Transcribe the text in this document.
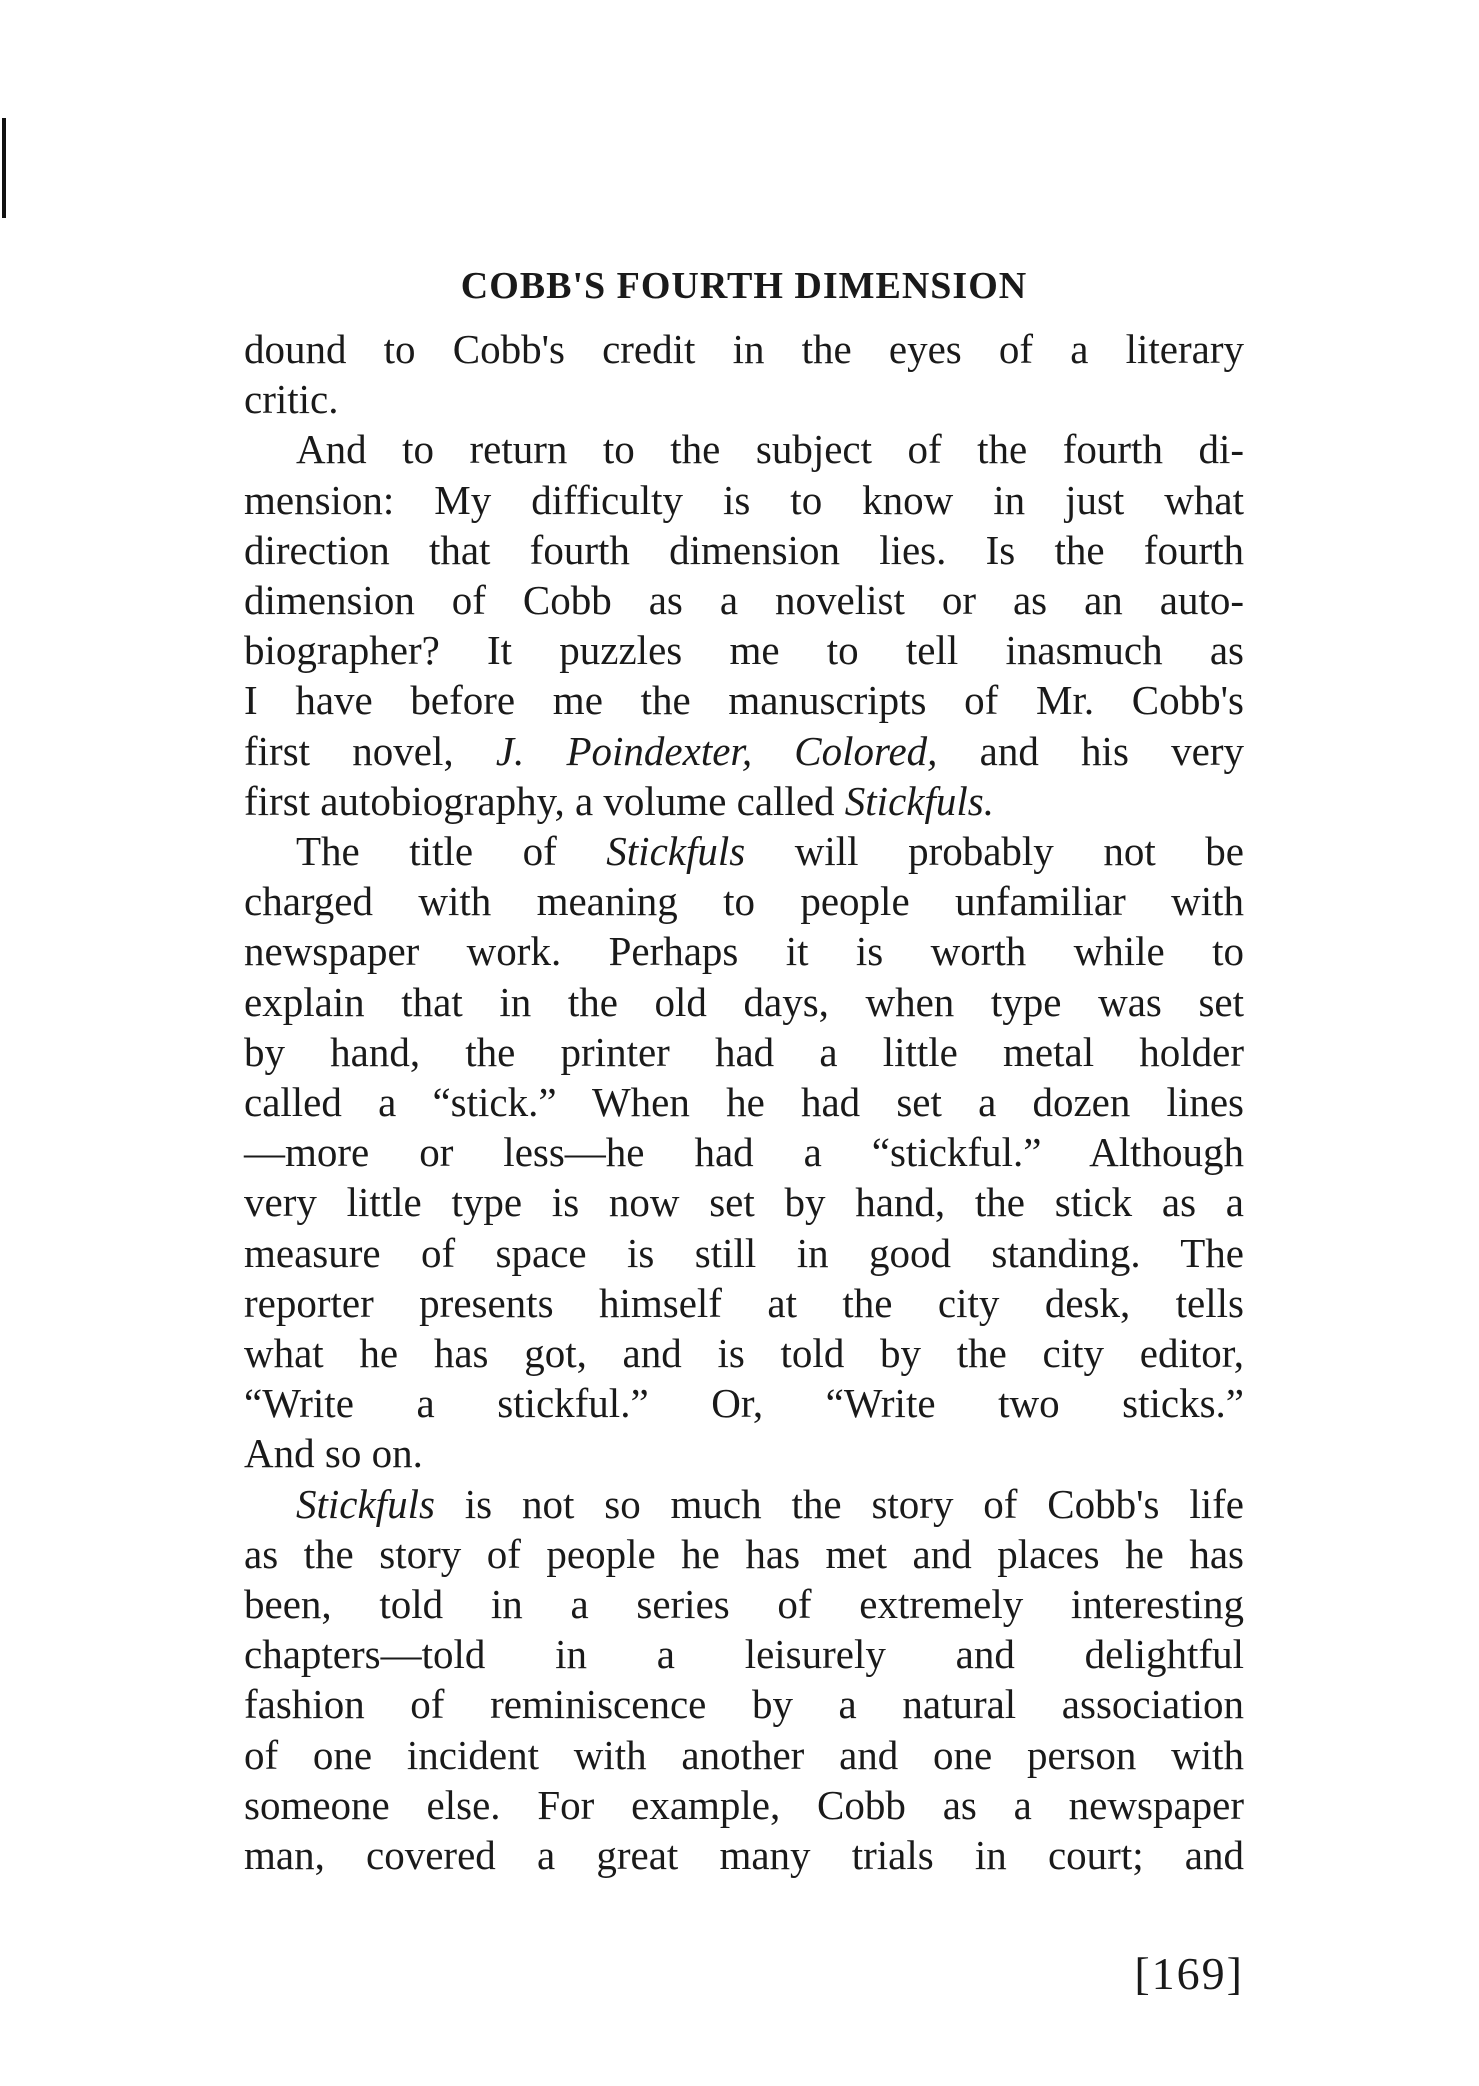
COBB'S FOURTH DIMENSION
dound to Cobb's credit in the eyes of a literary
critic.
And to return to the subject of the fourth di-
mension: My difficulty is to know in just what
direction that fourth dimension lies. Is the fourth
dimension of Cobb as a novelist or as an auto-
biographer? It puzzles me to tell inasmuch as
I have before me the manuscripts of Mr. Cobb's
first novel, J. Poindexter, Colored, and his very
first autobiography, a volume called Stickfuls.
The title of Stickfuls will probably not be
charged with meaning to people unfamiliar with
newspaper work. Perhaps it is worth while to
explain that in the old days, when type was set
by hand, the printer had a little metal holder
called a “stick.” When he had set a dozen lines
—more or less—he had a “stickful.” Although
very little type is now set by hand, the stick as a
measure of space is still in good standing. The
reporter presents himself at the city desk, tells
what he has got, and is told by the city editor,
“Write a stickful.” Or, “Write two sticks.”
And so on.
Stickfuls is not so much the story of Cobb's life
as the story of people he has met and places he has
been, told in a series of extremely interesting
chapters—told in a leisurely and delightful
fashion of reminiscence by a natural association
of one incident with another and one person with
someone else. For example, Cobb as a newspaper
man, covered a great many trials in court; and
[169]
